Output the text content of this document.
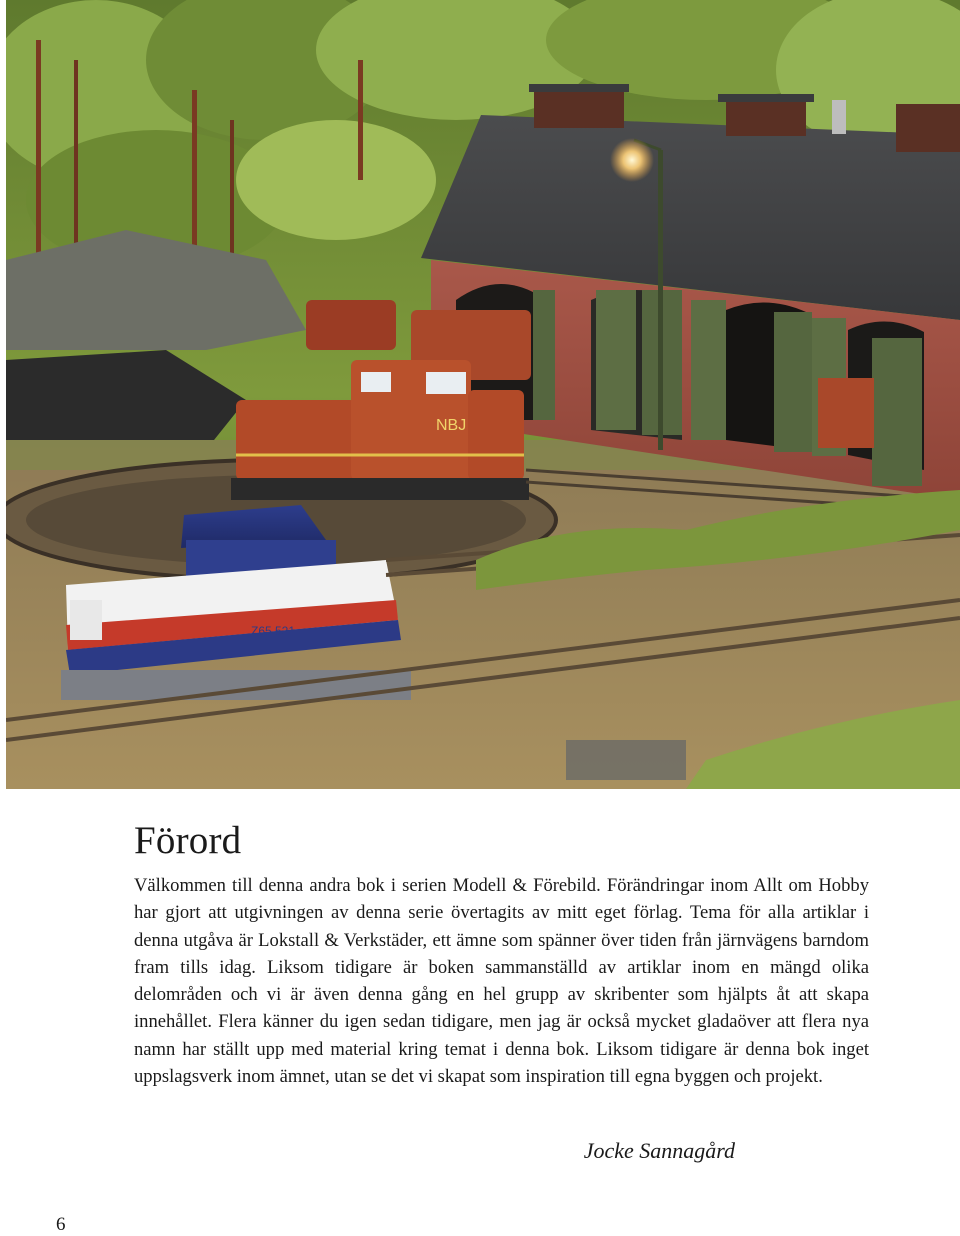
NBJ
Z65 521
Förord

Välkommen till denna andra bok i serien Modell & Förebild. Förändringar inom Allt om Hobby har gjort att utgivningen av denna serie övertagits av mitt eget förlag. Tema för alla artiklar i denna utgåva är Lokstall & Verkstäder, ett ämne som spänner över tiden från järnvägens barndom fram tills idag. Liksom tidigare är boken sammanställd av artiklar inom en mängd olika delområden och vi är även denna gång en hel grupp av skribenter som hjälpts åt att skapa innehållet. Flera känner du igen sedan tidigare, men jag är också mycket gladaöver att flera nya namn har ställt upp med material kring temat i denna bok. Liksom tidigare är denna bok inget uppslagsverk inom ämnet, utan se det vi skapat som inspiration till egna byggen och projekt.

Jocke Sannagård

6
